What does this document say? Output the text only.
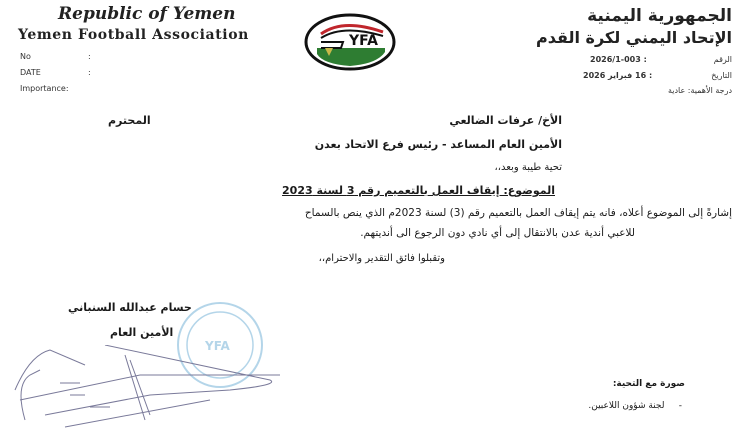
Republic of Yemen
Yemen Football Association
No	:
DATE	:
Importance:
YFA
الجمهورية اليمنية
الإتحاد اليمني لكرة القدم
الرقم
: 2026/1-003
التاريخ
: 16 فبراير 2026
درجة الأهمية: عادية
الأخ/ عرفات الضالعي
المحترم
الأمين العام المساعد - رئيس فرع الاتحاد بعدن
تحية طيبة وبعد،،
الموضوع: إيقاف العمل بالتعميم رقم 3 لسنة 2023
إشارةً إلى الموضوع أعلاه، فانه يتم إيقاف العمل بالتعميم رقم (3) لسنة 2023م الذي ينص بالسماح
للاعبي أندية عدن بالانتقال إلى أي نادي دون الرجوع الى أنديتهم.
وتقبلوا فائق التقدير والاحترام،،
YFA
حسام عبدالله السنباني
الأمين العام
صورة مع التحية:
-     لجنة شؤون اللاعبين.
